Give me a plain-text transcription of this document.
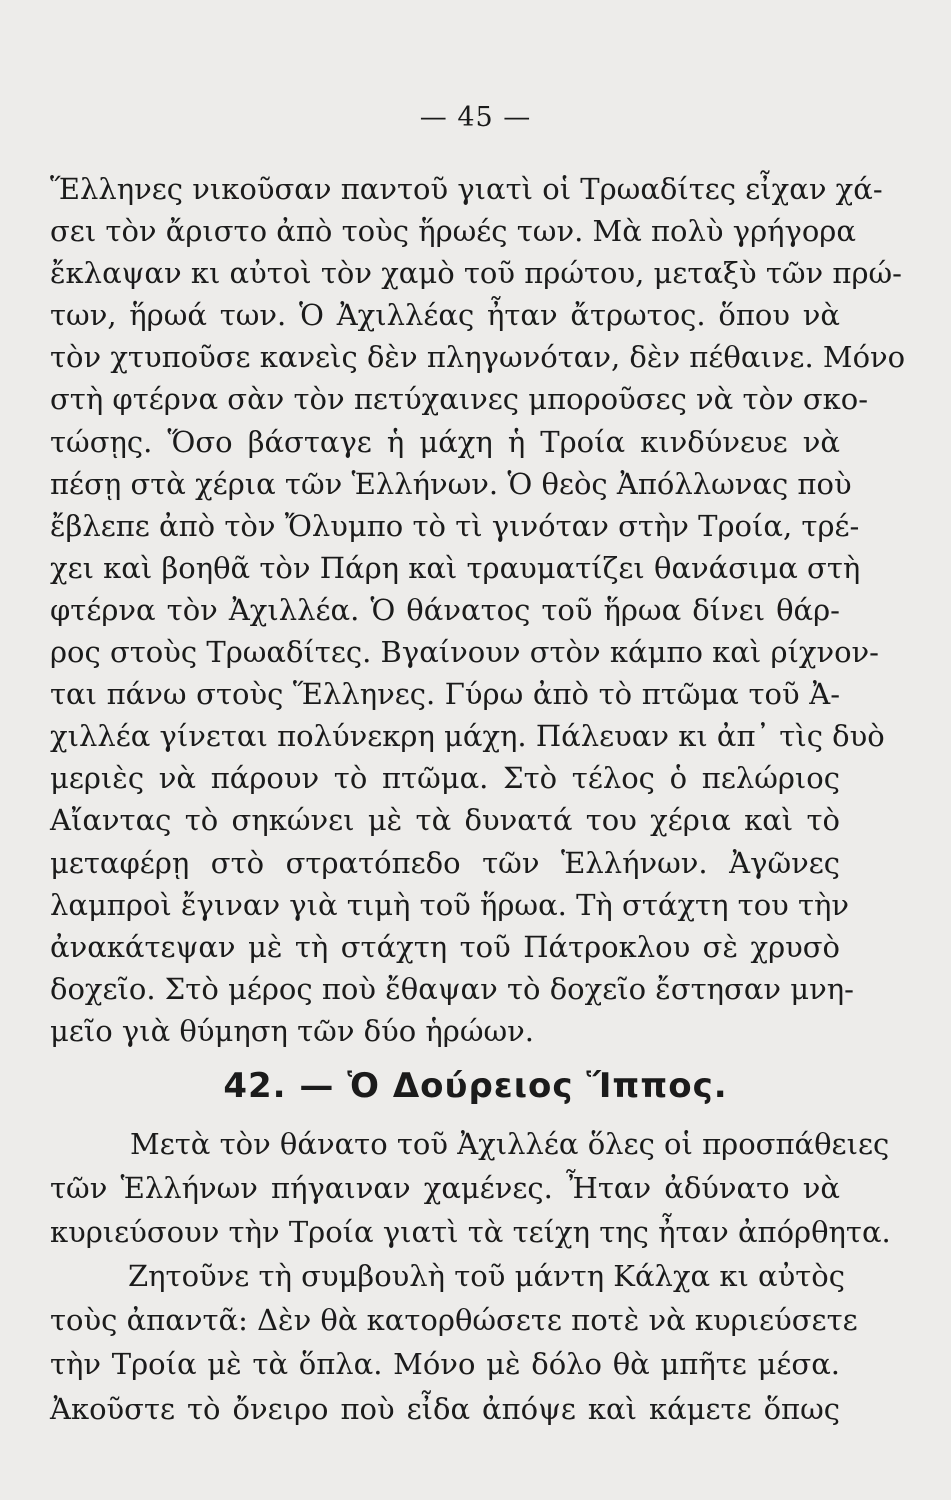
— 45 —
Ἕλληνες νικοῦσαν παντοῦ γιατὶ οἱ Τρωαδίτες εἶχαν χά-
σει τὸν ἄριστο ἀπὸ τοὺς ἥρωές των. Μὰ πολὺ γρήγορα
ἔκλαψαν κι αὐτοὶ τὸν χαμὸ τοῦ πρώτου, μεταξὺ τῶν πρώ-
των, ἥρωά των. Ὁ Ἀχιλλέας ἦταν ἄτρωτος. ὅπου νὰ
τὸν χτυποῦσε κανεὶς δὲν πληγωνόταν, δὲν πέθαινε. Μόνο
στὴ φτέρνα σὰν τὸν πετύχαινες μποροῦσες νὰ τὸν σκο-
τώσῃς. Ὅσο βάσταγε ἡ μάχη ἡ Τροία κινδύνευε νὰ
πέσῃ στὰ χέρια τῶν Ἑλλήνων. Ὁ θεὸς Ἀπόλλωνας ποὺ
ἔβλεπε ἀπὸ τὸν Ὄλυμπο τὸ τὶ γινόταν στὴν Τροία, τρέ-
χει καὶ βοηθᾶ τὸν Πάρη καὶ τραυματίζει θανάσιμα στὴ
φτέρνα τὸν Ἀχιλλέα. Ὁ θάνατος τοῦ ἥρωα δίνει θάρ-
ρος στοὺς Τρωαδίτες. Βγαίνουν στὸν κάμπο καὶ ρίχνον-
ται πάνω στοὺς Ἕλληνες. Γύρω ἀπὸ τὸ πτῶμα τοῦ Ἀ-
χιλλέα γίνεται πολύνεκρη μάχη. Πάλευαν κι ἀπ᾽ τὶς δυὸ
μεριὲς νὰ πάρουν τὸ πτῶμα. Στὸ τέλος ὁ πελώριος
Αἴαντας τὸ σηκώνει μὲ τὰ δυνατά του χέρια καὶ τὸ
μεταφέρῃ στὸ στρατόπεδο τῶν Ἑλλήνων. Ἀγῶνες
λαμπροὶ ἔγιναν γιὰ τιμὴ τοῦ ἥρωα. Τὴ στάχτη του τὴν
ἀνακάτεψαν μὲ τὴ στάχτη τοῦ Πάτροκλου σὲ χρυσὸ
δοχεῖο. Στὸ μέρος ποὺ ἔθαψαν τὸ δοχεῖο ἔστησαν μνη-
μεῖο γιὰ θύμηση τῶν δύο ἡρώων.
42. — Ὁ Δούρειος Ἵππος.
Μετὰ τὸν θάνατο τοῦ Ἀχιλλέα ὅλες οἱ προσπάθειες
τῶν Ἑλλήνων πήγαιναν χαμένες. Ἦταν ἀδύνατο νὰ
κυριεύσουν τὴν Τροία γιατὶ τὰ τείχη της ἦταν ἀπόρθητα.
Ζητοῦνε τὴ συμβουλὴ τοῦ μάντη Κάλχα κι αὐτὸς
τοὺς ἀπαντᾶ: Δὲν θὰ κατορθώσετε ποτὲ νὰ κυριεύσετε
τὴν Τροία μὲ τὰ ὅπλα. Μόνο μὲ δόλο θὰ μπῆτε μέσα.
Ἀκοῦστε τὸ ὄνειρο ποὺ εἶδα ἀπόψε καὶ κάμετε ὅπως
